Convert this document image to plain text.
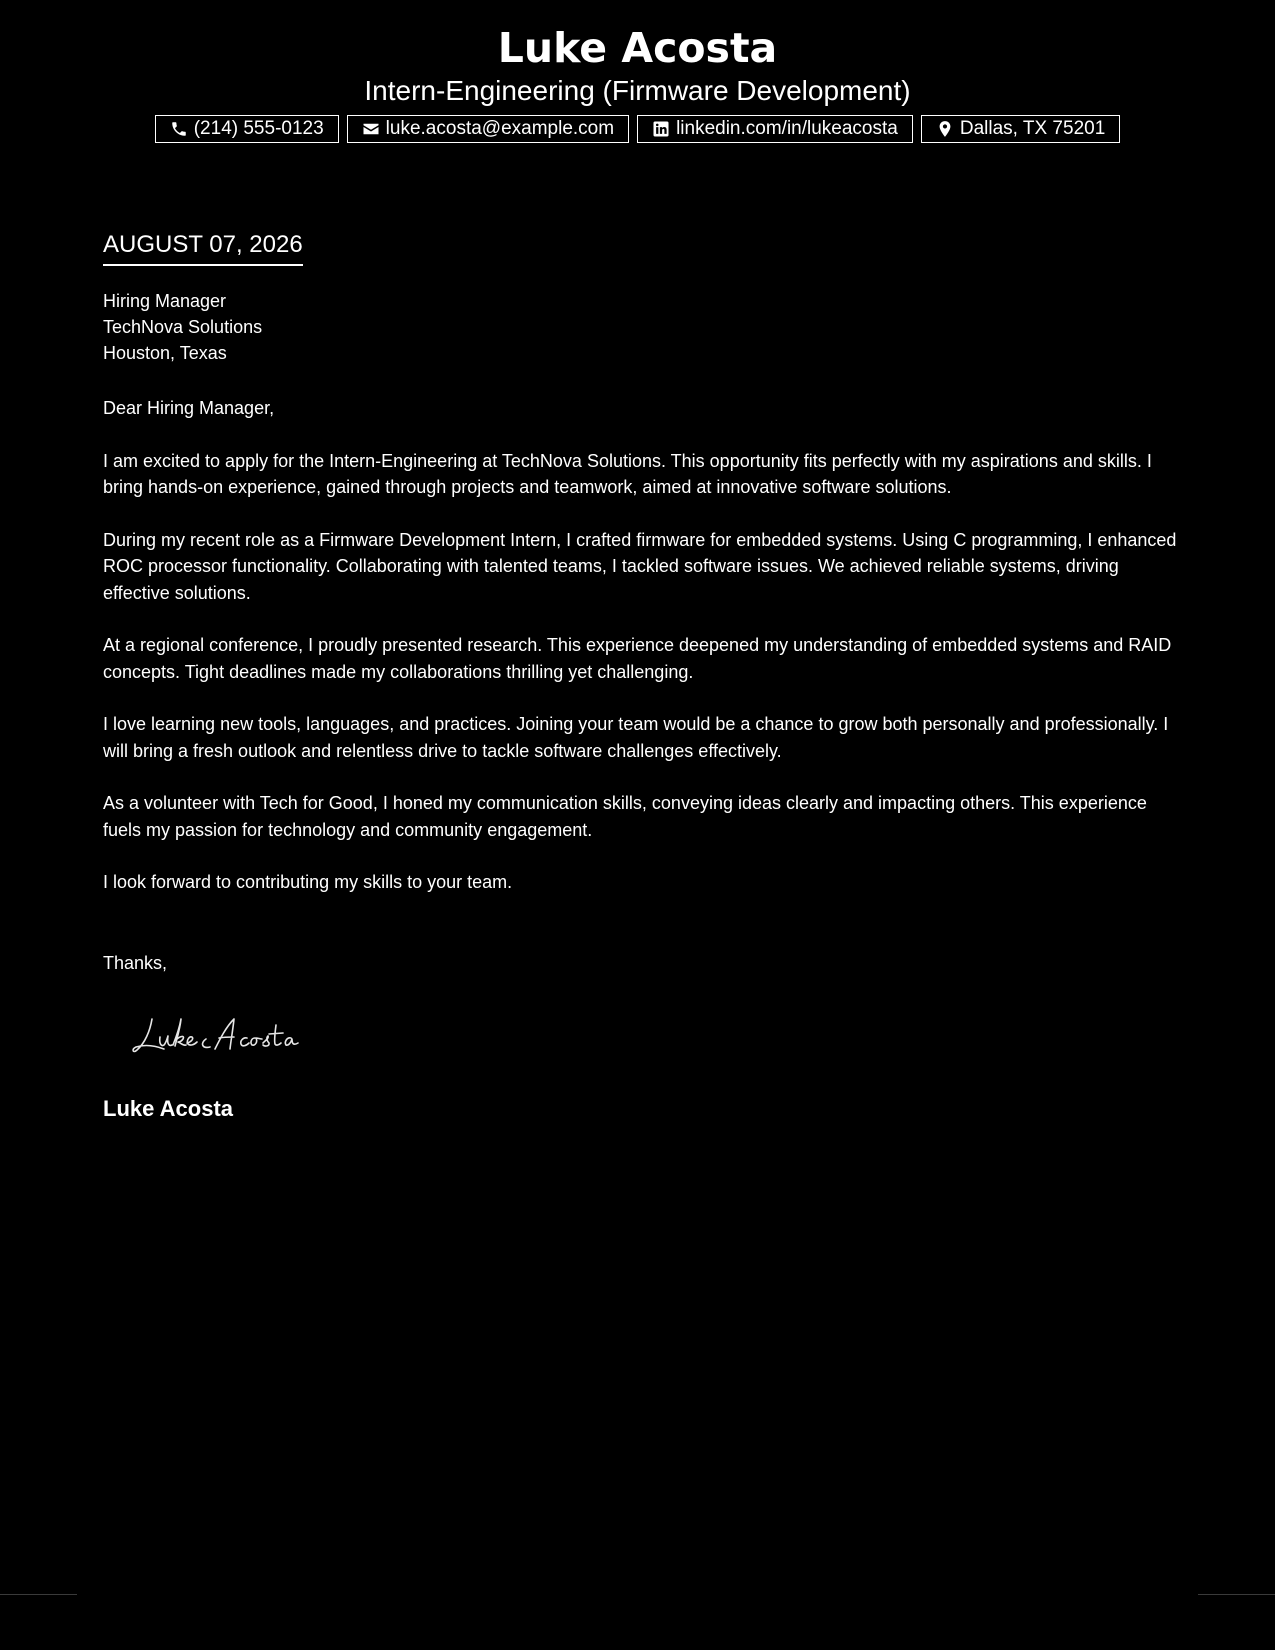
Luke Acosta
Intern-Engineering (Firmware Development)
(214) 555-0123	luke.acosta@example.com	linkedin.com/in/lukeacosta	Dallas, TX 75201
AUGUST 07, 2026
Hiring Manager
TechNova Solutions
Houston, Texas

Dear Hiring Manager,

I am excited to apply for the Intern-Engineering at TechNova Solutions. This opportunity fits perfectly with my aspirations and skills. I bring hands-on experience, gained through projects and teamwork, aimed at innovative software solutions.

During my recent role as a Firmware Development Intern, I crafted firmware for embedded systems. Using C programming, I enhanced ROC processor functionality. Collaborating with talented teams, I tackled software issues. We achieved reliable systems, driving effective solutions.

At a regional conference, I proudly presented research. This experience deepened my understanding of embedded systems and RAID concepts. Tight deadlines made my collaborations thrilling yet challenging.

I love learning new tools, languages, and practices. Joining your team would be a chance to grow both personally and professionally. I will bring a fresh outlook and relentless drive to tackle software challenges effectively.

As a volunteer with Tech for Good, I honed my communication skills, conveying ideas clearly and impacting others. This experience fuels my passion for technology and community engagement.

I look forward to contributing my skills to your team.

Thanks,
Luke Acosta
